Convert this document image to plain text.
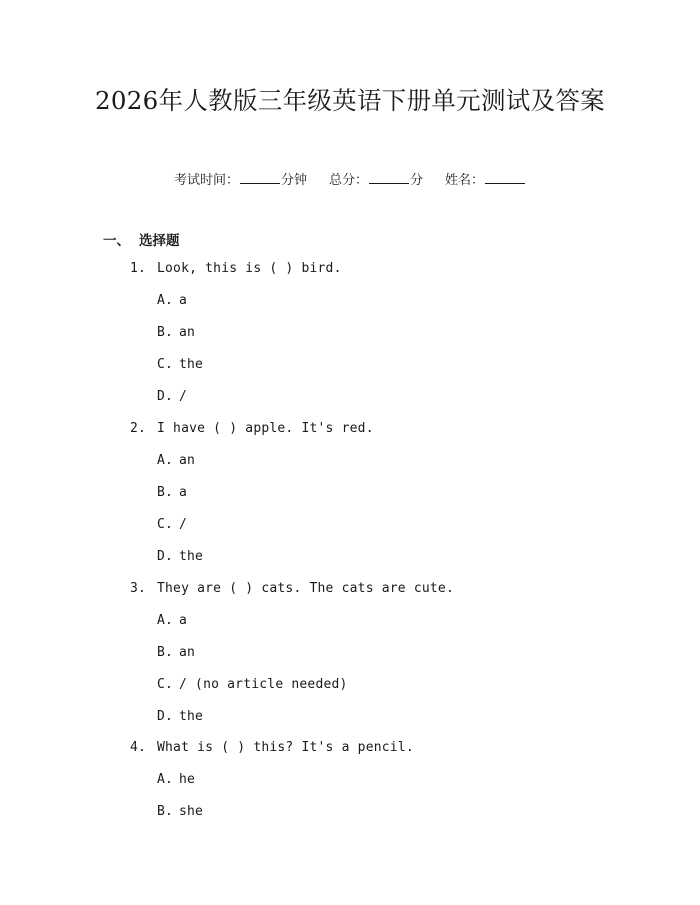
2026年人教版三年级英语下册单元测试及答案
考试时间：	分钟 总分：	分 姓名：
一、 选择题
1. Look, this is ( ) bird.
A. a
B. an
C. the
D. /
2. I have ( ) apple. It's red.
A. an
B. a
C. /
D. the
3. They are ( ) cats. The cats are cute.
A. a
B. an
C. / (no article needed)
D. the
4. What is ( ) this? It's a pencil.
A. he
B. she
